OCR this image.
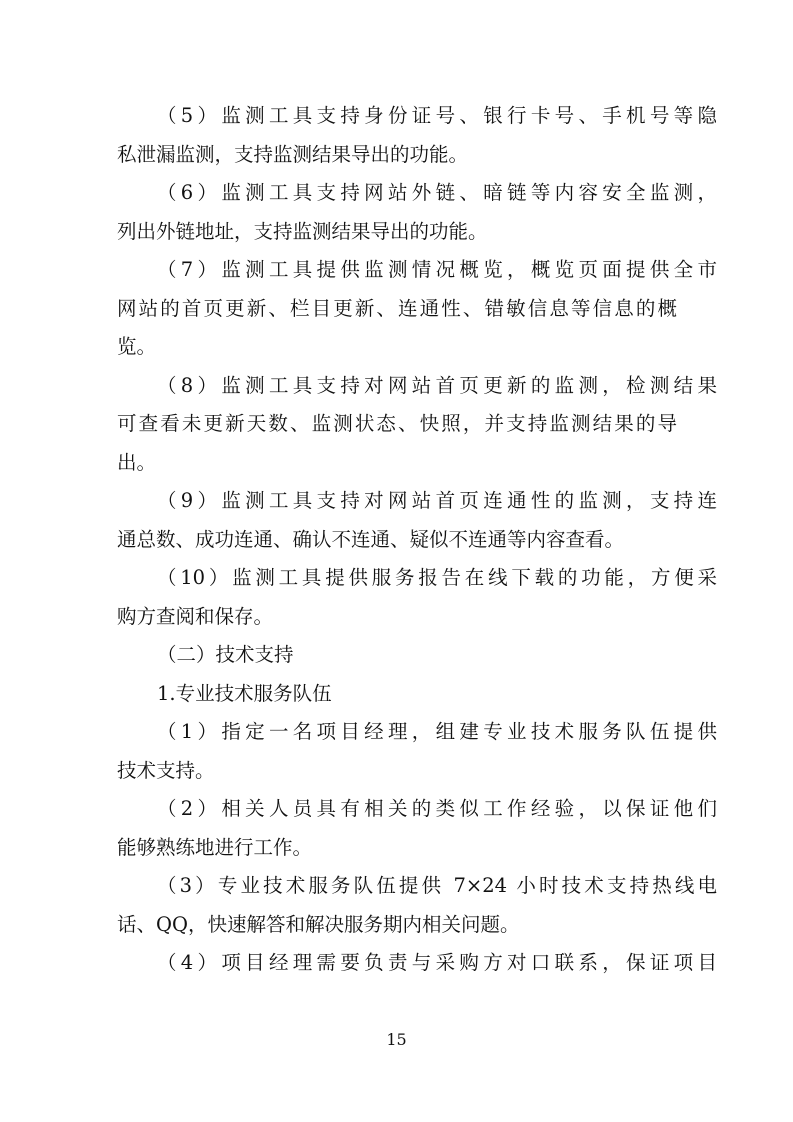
（5）监测工具支持身份证号、银行卡号、手机号等隐
私泄漏监测，支持监测结果导出的功能。
（6）监测工具支持网站外链、暗链等内容安全监测，
列出外链地址，支持监测结果导出的功能。
（7）监测工具提供监测情况概览，概览页面提供全市
网站的首页更新、栏目更新、连通性、错敏信息等信息的概
览。
（8）监测工具支持对网站首页更新的监测，检测结果
可查看未更新天数、监测状态、快照，并支持监测结果的导
出。
（9）监测工具支持对网站首页连通性的监测，支持连
通总数、成功连通、确认不连通、疑似不连通等内容查看。
（10）监测工具提供服务报告在线下载的功能，方便采
购方查阅和保存。
（二）技术支持
1.专业技术服务队伍
（1）指定一名项目经理，组建专业技术服务队伍提供
技术支持。
（2）相关人员具有相关的类似工作经验，以保证他们
能够熟练地进行工作。
（3）专业技术服务队伍提供 7×24 小时技术支持热线电
话、QQ，快速解答和解决服务期内相关问题。
（4）项目经理需要负责与采购方对口联系，保证项目
15
